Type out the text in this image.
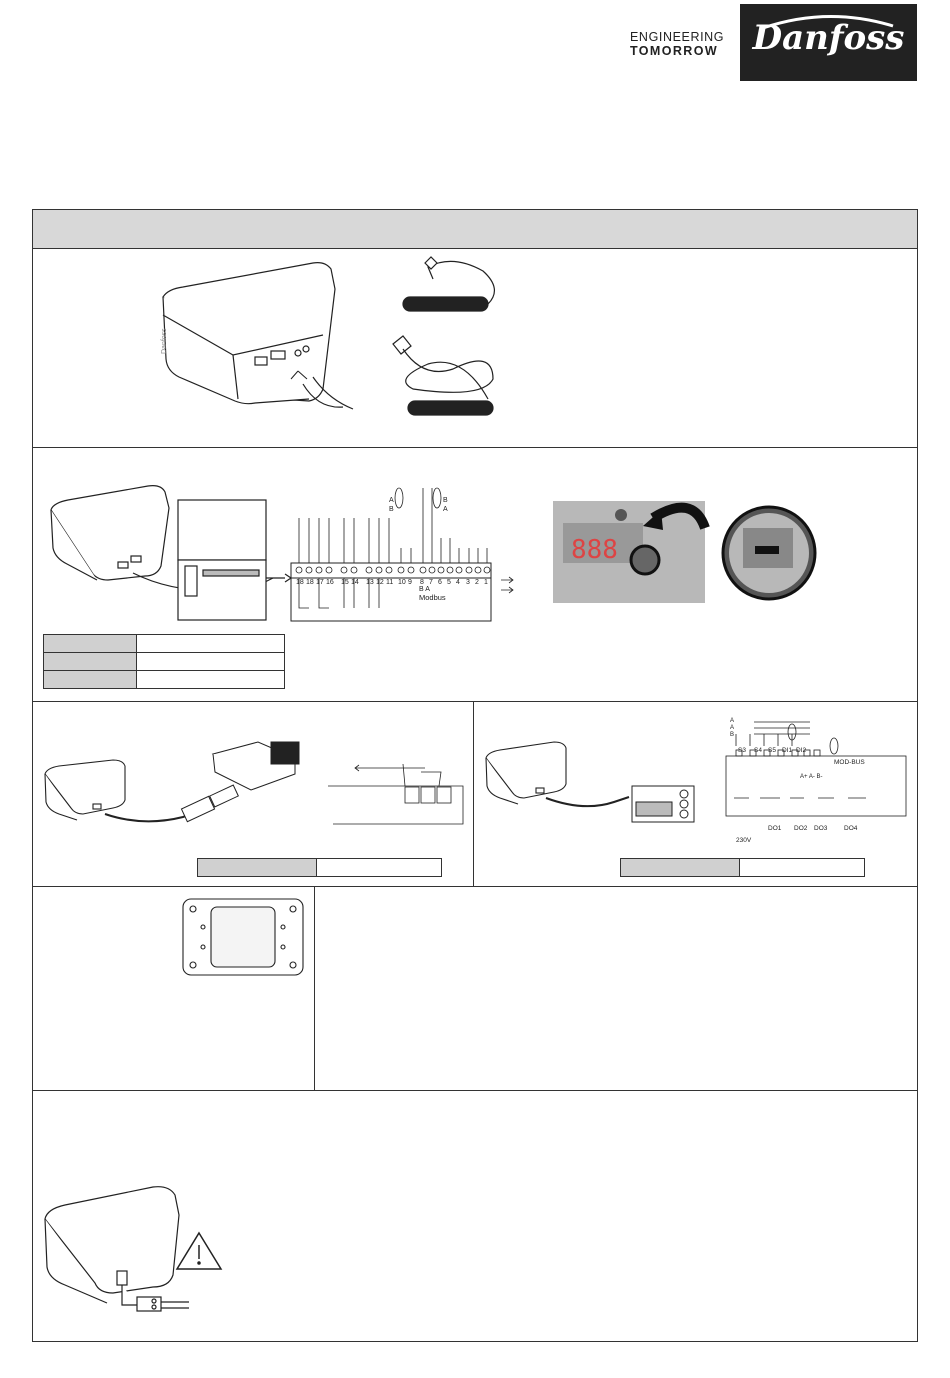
ENGINEERING
TOMORROW	Danfoss
Danfoss
18 18 17 16 15 14 13 12 11 10 9 8 7 6 5 4 3 2 1
A
B
B
A
B A
Modbus
888

S3 S4 S5 DI1 DI2
A+ A- B-
MOD-BUS
A
A
B
DO1 DO2 DO3	DO4
230V
